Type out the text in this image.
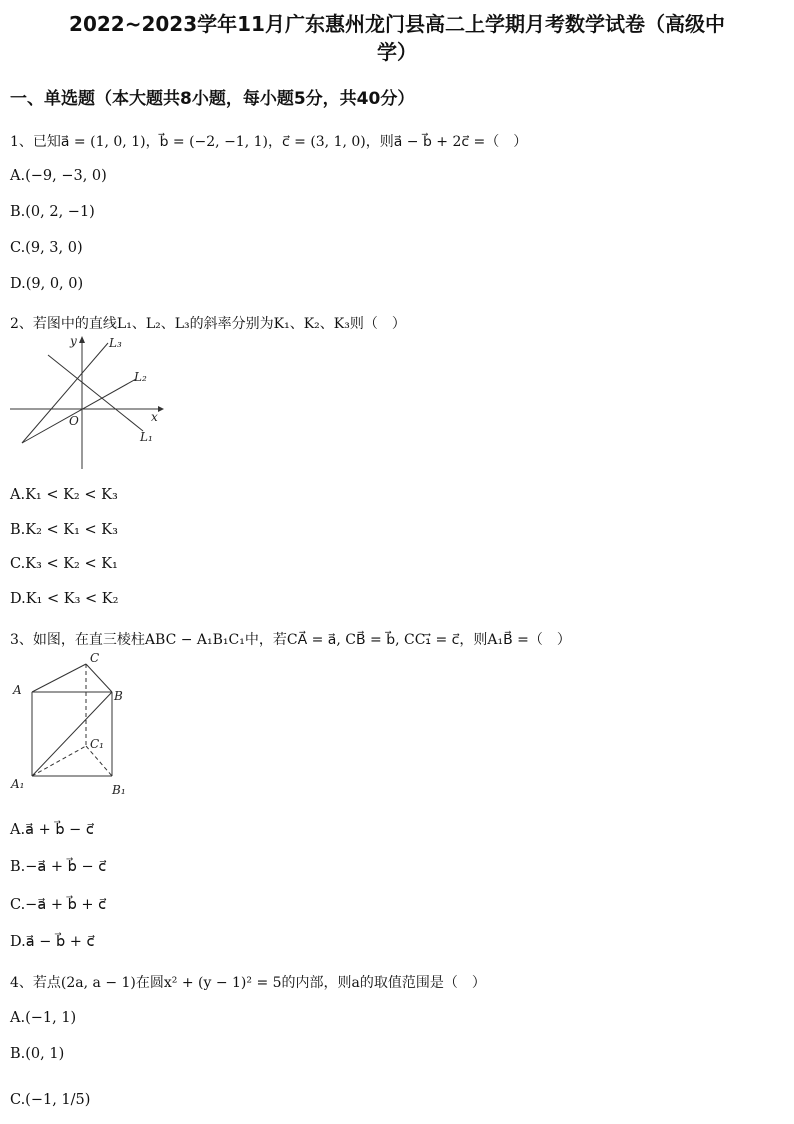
2022~2023学年11月广东惠州龙门县高二上学期月考数学试卷（高级中
学）
一、单选题（本大题共8小题，每小题5分，共40分）
1、已知a⃗ = (1, 0, 1)，b⃗ = (−2, −1, 1)，c⃗ = (3, 1, 0)，则a⃗ − b⃗ + 2c⃗ =（　）
A.(−9, −3, 0)
B.(0, 2, −1)
C.(9, 3, 0)
D.(9, 0, 0)
2、若图中的直线L₁、L₂、L₃的斜率分别为K₁、K₂、K₃则（　）
y
x
O
L₁
L₂
L₃
A.K₁ < K₂ < K₃
B.K₂ < K₁ < K₃
C.K₃ < K₂ < K₁
D.K₁ < K₃ < K₂
3、如图，在直三棱柱ABC − A₁B₁C₁中，若CA⃗ = a⃗, CB⃗ = b⃗, CC₁⃗ = c⃗，则A₁B⃗ =（　）
A	B
C
A₁	B₁
C₁
A.a⃗ + b⃗ − c⃗
B.−a⃗ + b⃗ − c⃗
C.−a⃗ + b⃗ + c⃗
D.a⃗ − b⃗ + c⃗
4、若点(2a, a − 1)在圆x² + (y − 1)² = 5的内部，则a的取值范围是（　）
A.(−1, 1)
B.(0, 1)
C.(−1, 1/5)
